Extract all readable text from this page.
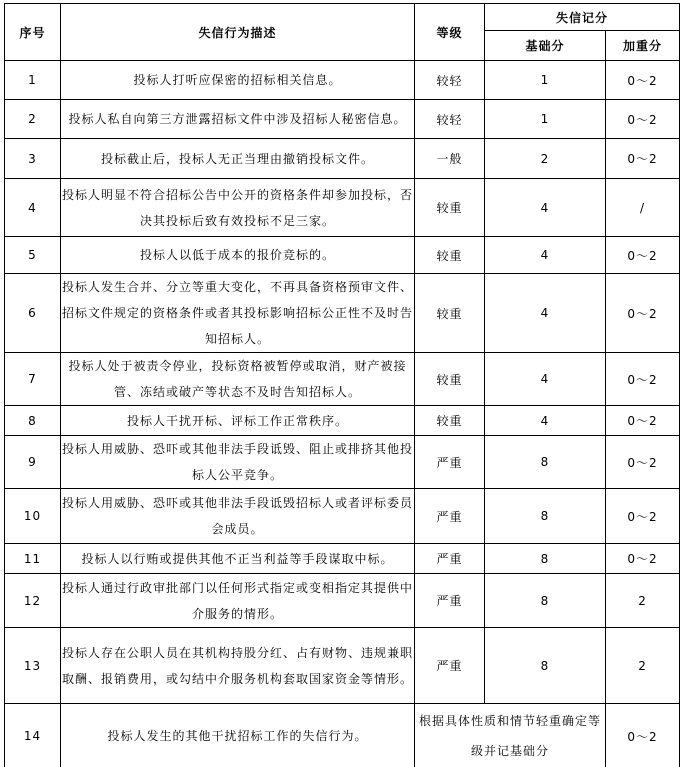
序号	失信行为描述	等级	失信记分	
			基础分	加重分
1	投标人打听应保密的招标相关信息。	较轻	1	0～2
2	投标人私自向第三方泄露招标文件中涉及招标人秘密信息。	较轻	1	0～2
3	投标截止后，投标人无正当理由撤销投标文件。	一般	2	0～2
4	投标人明显不符合招标公告中公开的资格条件却参加投标，否决其投标后致有效投标不足三家。	较重	4	/
5	投标人以低于成本的报价竞标的。	较重	4	0～2
6	投标人发生合并、分立等重大变化，不再具备资格预审文件、招标文件规定的资格条件或者其投标影响招标公正性不及时告知招标人。	较重	4	0～2
7	投标人处于被责令停业，投标资格被暂停或取消，财产被接管、冻结或破产等状态不及时告知招标人。	较重	4	0～2
8	投标人干扰开标、评标工作正常秩序。	较重	4	0～2
9	投标人用威胁、恐吓或其他非法手段诋毁、阻止或排挤其他投标人公平竞争。	严重	8	0～2
10	投标人用威胁、恐吓或其他非法手段诋毁招标人或者评标委员会成员。	严重	8	0～2
11	投标人以行贿或提供其他不正当利益等手段谋取中标。	严重	8	0～2
12	投标人通过行政审批部门以任何形式指定或变相指定其提供中介服务的情形。	严重	8	2
13	投标人存在公职人员在其机构持股分红、占有财物、违规兼职取酬、报销费用，或勾结中介服务机构套取国家资金等情形。	严重	8	2
14	投标人发生的其他干扰招标工作的失信行为。	根据具体性质和情节轻重确定等级并记基础分		0～2
